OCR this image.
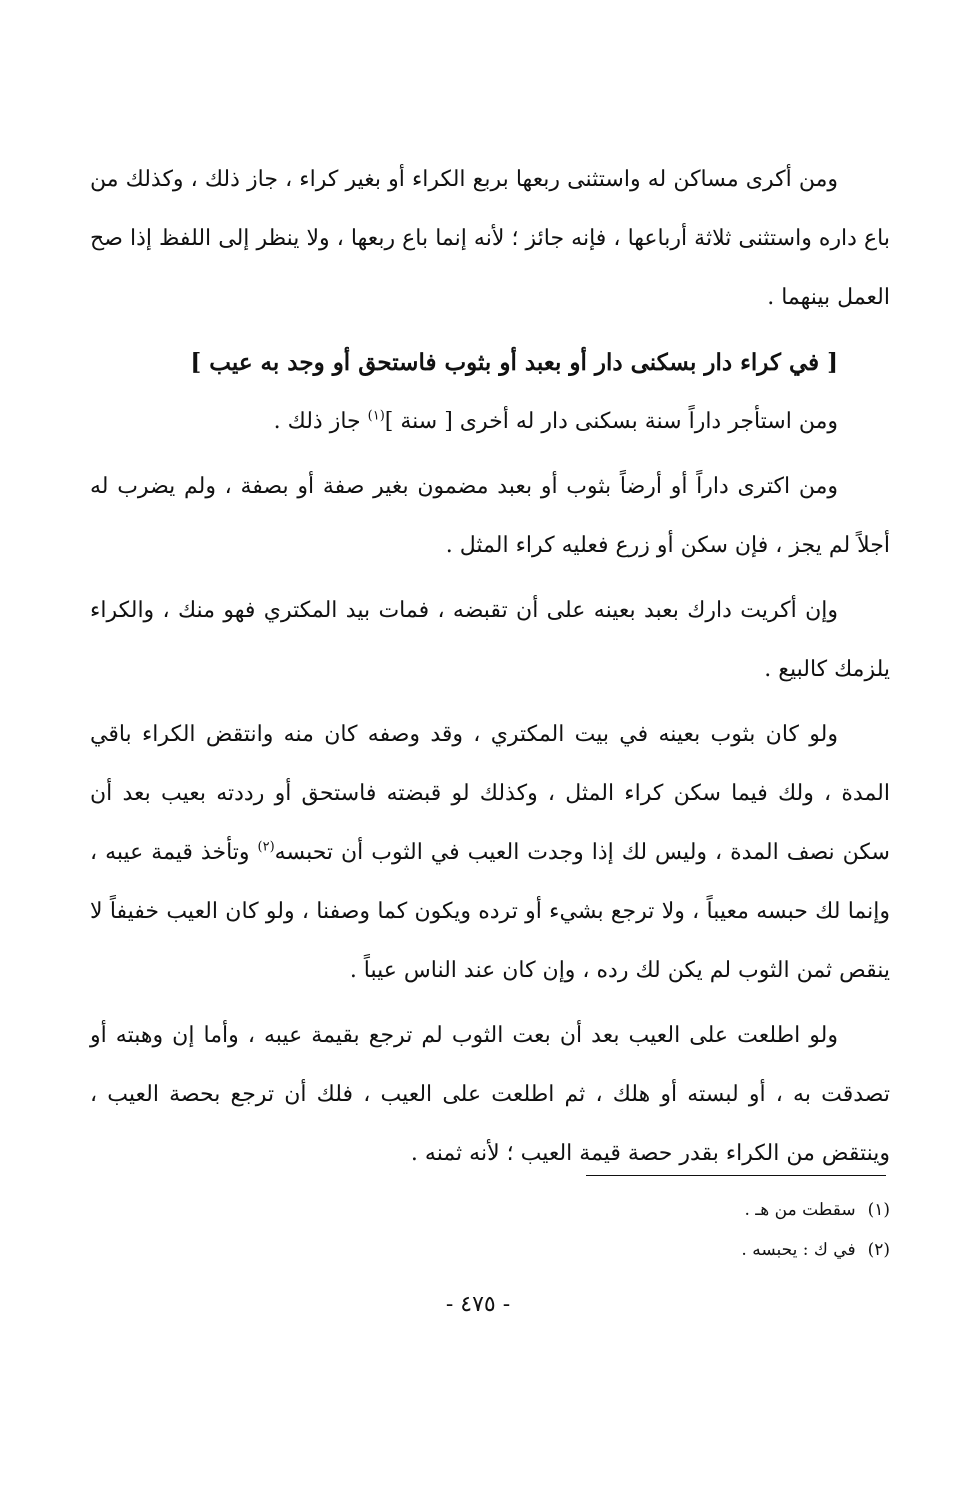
ومن أكرى مساكن له واستثنى ربعها بربع الكراء أو بغير كراء ، جاز ذلك ، وكذلك من باع داره واستثنى ثلاثة أرباعها ، فإنه جائز ؛ لأنه إنما باع ربعها ، ولا ينظر إلى اللفظ إذا صح العمل بينهما .

[ في كراء دار بسكنى دار أو بعبد أو بثوب فاستحق أو وجد به عيب ]

ومن استأجر داراً سنة بسكنى دار له أخرى [ سنة ]$^{(١)}$ جاز ذلك .

ومن اكترى داراً أو أرضاً بثوب أو بعبد مضمون بغير صفة أو بصفة ، ولم يضرب له أجلاً لم يجز ، فإن سكن أو زرع فعليه كراء المثل .

وإن أكريت دارك بعبد بعينه على أن تقبضه ، فمات بيد المكتري فهو منك ، والكراء يلزمك كالبيع .

ولو كان بثوب بعينه في بيت المكتري ، وقد وصفه كان منه وانتقض الكراء باقي المدة ، ولك فيما سكن كراء المثل ، وكذلك لو قبضته فاستحق أو رددته بعيب بعد أن سكن نصف المدة ، وليس لك إذا وجدت العيب في الثوب أن تحبسه$^{(٢)}$ وتأخذ قيمة عيبه ، وإنما لك حبسه معيباً ، ولا ترجع بشيء أو ترده ويكون كما وصفنا ، ولو كان العيب خفيفاً لا ينقص ثمن الثوب لم يكن لك رده ، وإن كان عند الناس عيباً .

ولو اطلعت على العيب بعد أن بعت الثوب لم ترجع بقيمة عيبه ، وأما إن وهبته أو تصدقت به ، أو لبسته أو هلك ، ثم اطلعت على العيب ، فلك أن ترجع بحصة العيب ، وينتقض من الكراء بقدر حصة قيمة العيب ؛ لأنه ثمنه .

(١)سقطت من هـ .
(٢)في ك : يحبسه .
- ٤٧٥ -
